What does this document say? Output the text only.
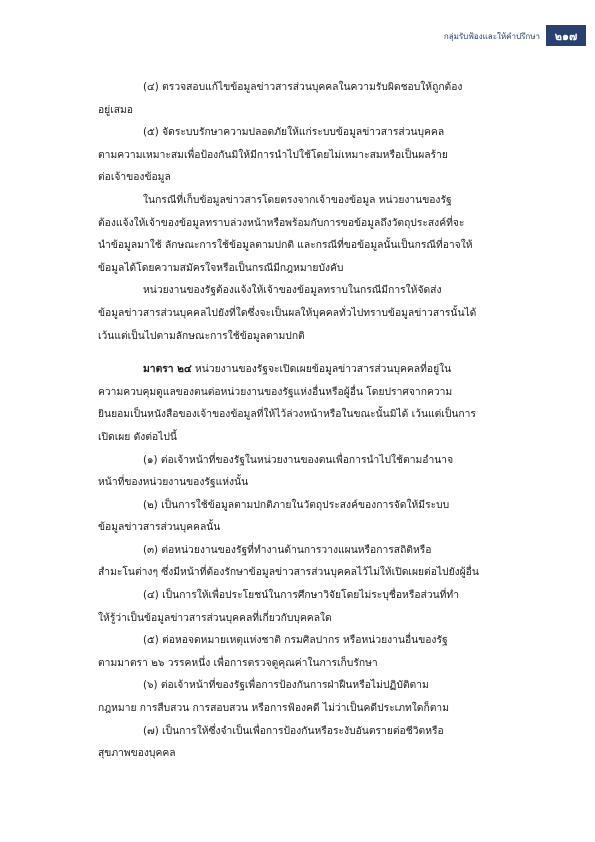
กลุ่มรับฟ้องและให้คำปรึกษา	๒๑๗
(๔) ตรวจสอบแก้ไขข้อมูลข่าวสารส่วนบุคคลในความรับผิดชอบให้ถูกต้อง
อยู่เสมอ
(๕) จัดระบบรักษาความปลอดภัยให้แก่ระบบข้อมูลข่าวสารส่วนบุคคล
ตามความเหมาะสมเพื่อป้องกันมิให้มีการนำไปใช้โดยไม่เหมาะสมหรือเป็นผลร้าย
ต่อเจ้าของข้อมูล
ในกรณีที่เก็บข้อมูลข่าวสารโดยตรงจากเจ้าของข้อมูล หน่วยงานของรัฐ
ต้องแจ้งให้เจ้าของข้อมูลทราบล่วงหน้าหรือพร้อมกับการขอข้อมูลถึงวัตถุประสงค์ที่จะ
นำข้อมูลมาใช้ ลักษณะการใช้ข้อมูลตามปกติ และกรณีที่ขอข้อมูลนั้นเป็นกรณีที่อาจให้
ข้อมูลได้โดยความสมัครใจหรือเป็นกรณีมีกฎหมายบังคับ
หน่วยงานของรัฐต้องแจ้งให้เจ้าของข้อมูลทราบในกรณีมีการให้จัดส่ง
ข้อมูลข่าวสารส่วนบุคคลไปยังที่ใดซึ่งจะเป็นผลให้บุคคลทั่วไปทราบข้อมูลข่าวสารนั้นได้
เว้นแต่เป็นไปตามลักษณะการใช้ข้อมูลตามปกติ
มาตรา ๒๔ หน่วยงานของรัฐจะเปิดเผยข้อมูลข่าวสารส่วนบุคคลที่อยู่ใน
ความควบคุมดูแลของตนต่อหน่วยงานของรัฐแห่งอื่นหรือผู้อื่น โดยปราศจากความ
ยินยอมเป็นหนังสือของเจ้าของข้อมูลที่ให้ไว้ล่วงหน้าหรือในขณะนั้นมิได้ เว้นแต่เป็นการ
เปิดเผย ดังต่อไปนี้
(๑) ต่อเจ้าหน้าที่ของรัฐในหน่วยงานของตนเพื่อการนำไปใช้ตามอำนาจ
หน้าที่ของหน่วยงานของรัฐแห่งนั้น
(๒) เป็นการใช้ข้อมูลตามปกติภายในวัตถุประสงค์ของการจัดให้มีระบบ
ข้อมูลข่าวสารส่วนบุคคลนั้น
(๓) ต่อหน่วยงานของรัฐที่ทำงานด้านการวางแผนหรือการสถิติหรือ
สำมะโนต่างๆ ซึ่งมีหน้าที่ต้องรักษาข้อมูลข่าวสารส่วนบุคคลไว้ไม่ให้เปิดเผยต่อไปยังผู้อื่น
(๔) เป็นการให้เพื่อประโยชน์ในการศึกษาวิจัยโดยไม่ระบุชื่อหรือส่วนที่ทำ
ให้รู้ว่าเป็นข้อมูลข่าวสารส่วนบุคคลที่เกี่ยวกับบุคคลใด
(๕) ต่อหอจดหมายเหตุแห่งชาติ กรมศิลปากร หรือหน่วยงานอื่นของรัฐ
ตามมาตรา ๒๖ วรรคหนึ่ง เพื่อการตรวจดูคุณค่าในการเก็บรักษา
(๖) ต่อเจ้าหน้าที่ของรัฐเพื่อการป้องกันการฝ่าฝืนหรือไม่ปฏิบัติตาม
กฎหมาย การสืบสวน การสอบสวน หรือการฟ้องคดี ไม่ว่าเป็นคดีประเภทใดก็ตาม
(๗) เป็นการให้ซึ่งจำเป็นเพื่อการป้องกันหรือระงับอันตรายต่อชีวิตหรือ
สุขภาพของบุคคล
